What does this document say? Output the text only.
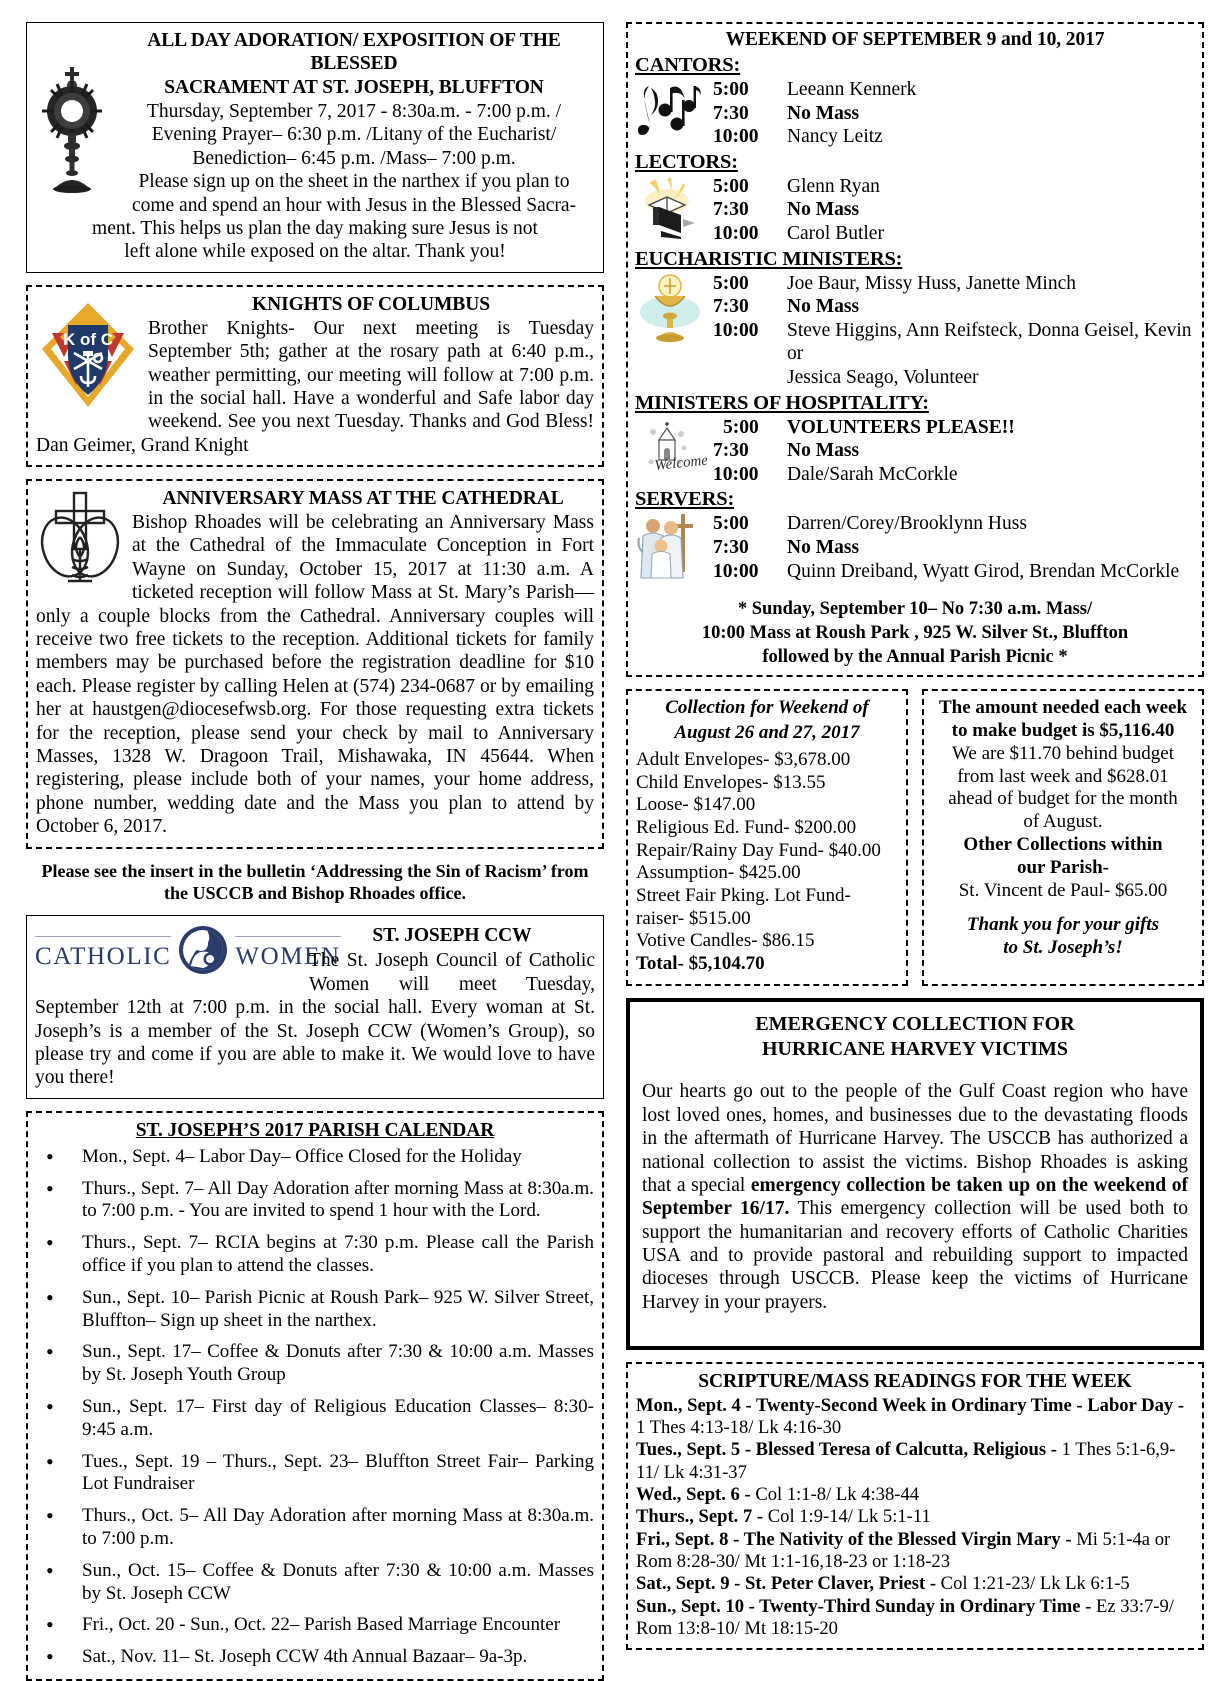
ALL DAY ADORATION/ EXPOSITION OF THE BLESSED
SACRAMENT AT ST. JOSEPH, BLUFFTON

Thursday, September 7, 2017 - 8:30a.m. - 7:00 p.m. /

Evening Prayer– 6:30 p.m. /Litany of the Eucharist/

Benediction– 6:45 p.m. /Mass– 7:00 p.m.

Please sign up on the sheet in the narthex if you plan to

come and spend an hour with Jesus in the Blessed Sacra-

ment. This helps us plan the day making sure Jesus is not

left alone while exposed on the altar. Thank you!

K of C
KNIGHTS OF COLUMBUS

Brother Knights- Our next meeting is Tuesday September 5th; gather at the rosary path at 6:40 p.m., weather permitting, our meeting will follow at 7:00 p.m. in the social hall. Have a wonderful and Safe labor day weekend. See you next Tuesday. Thanks and God Bless! Dan Geimer, Grand Knight

ANNIVERSARY MASS AT THE CATHEDRAL

Bishop Rhoades will be celebrating an Anniversary Mass at the Cathedral of the Immaculate Conception in Fort Wayne on Sunday, October 15, 2017 at 11:30 a.m. A ticketed reception will follow Mass at St. Mary’s Parish— only a couple blocks from the Cathedral. Anniversary couples will receive two free tickets to the reception. Additional tickets for family members may be purchased before the registration deadline for $10 each. Please register by calling Helen at (574) 234-0687 or by emailing her at haustgen@diocesefwsb.org. For those requesting extra tickets for the reception, please send your check by mail to Anniversary Masses, 1328 W. Dragoon Trail, Mishawaka, IN 45644. When registering, please include both of your names, your home address, phone number, wedding date and the Mass you plan to attend by October 6, 2017.

Please see the insert in the bulletin ‘Addressing the Sin of Racism’ from
the USCCB and Bishop Rhoades office.
CATHOLIC	WOMEN
ST. JOSEPH CCW

The St. Joseph Council of Catholic Women will meet Tuesday, September 12th at 7:00 p.m. in the social hall. Every woman at St. Joseph’s is a member of the St. Joseph CCW (Women’s Group), so please try and come if you are able to make it. We would love to have you there!

ST. JOSEPH’S 2017 PARISH CALENDAR
• Mon., Sept. 4– Labor Day– Office Closed for the Holiday
• Thurs., Sept. 7– All Day Adoration after morning Mass at 8:30a.m. to 7:00 p.m. - You are invited to spend 1 hour with the Lord.
• Thurs., Sept. 7– RCIA begins at 7:30 p.m. Please call the Parish office if you plan to attend the classes.
• Sun., Sept. 10– Parish Picnic at Roush Park– 925 W. Silver Street, Bluffton– Sign up sheet in the narthex.
• Sun., Sept. 17– Coffee & Donuts after 7:30 & 10:00 a.m. Masses by St. Joseph Youth Group
• Sun., Sept. 17– First day of Religious Education Classes– 8:30-9:45 a.m.
• Tues., Sept. 19 – Thurs., Sept. 23– Bluffton Street Fair– Parking Lot Fundraiser
• Thurs., Oct. 5– All Day Adoration after morning Mass at 8:30a.m. to 7:00 p.m.
• Sun., Oct. 15– Coffee & Donuts after 7:30 & 10:00 a.m. Masses by St. Joseph CCW
• Fri., Oct. 20 - Sun., Oct. 22– Parish Based Marriage Encounter
• Sat., Nov. 11– St. Joseph CCW 4th Annual Bazaar– 9a-3p.
WEEKEND OF SEPTEMBER 9 and 10, 2017
CANTORS:
5:00	Leeann Kennerk
7:30	No Mass
10:00	Nancy Leitz
LECTORS:
5:00	Glenn Ryan
7:30	No Mass
10:00	Carol Butler
EUCHARISTIC MINISTERS:
5:00	Joe Baur, Missy Huss, Janette Minch
7:30	No Mass
10:00	Steve Higgins, Ann Reifsteck, Donna Geisel, Kevin or
Jessica Seago, Volunteer
MINISTERS OF HOSPITALITY:
Welcome
5:00	VOLUNTEERS PLEASE!!
7:30	No Mass
10:00	Dale/Sarah McCorkle
SERVERS:
5:00	Darren/Corey/Brooklynn Huss
7:30	No Mass
10:00	Quinn Dreiband, Wyatt Girod, Brendan McCorkle
* Sunday, September 10– No 7:30 a.m. Mass/
10:00 Mass at Roush Park , 925 W. Silver St., Bluffton
followed by the Annual Parish Picnic *
Collection for Weekend of
August 26 and 27, 2017
Adult Envelopes- $3,678.00
Child Envelopes- $13.55
Loose- $147.00
Religious Ed. Fund- $200.00
Repair/Rainy Day Fund- $40.00
Assumption- $425.00
Street Fair Pking. Lot Fund-
raiser- $515.00
Votive Candles- $86.15
Total- $5,104.70
The amount needed each week
to make budget is $5,116.40
We are $11.70 behind budget
from last week and $628.01
ahead of budget for the month
of August.
Other Collections within
our Parish-
St. Vincent de Paul- $65.00
Thank you for your gifts
to St. Joseph’s!
EMERGENCY COLLECTION FOR
HURRICANE HARVEY VICTIMS

Our hearts go out to the people of the Gulf Coast region who have lost loved ones, homes, and businesses due to the devastating floods in the aftermath of Hurricane Harvey. The USCCB has authorized a national collection to assist the victims. Bishop Rhoades is asking that a special emergency collection be taken up on the weekend of September 16/17. This emergency collection will be used both to support the humanitarian and recovery efforts of Catholic Charities USA and to provide pastoral and rebuilding support to impacted dioceses through USCCB. Please keep the victims of Hurricane Harvey in your prayers.

SCRIPTURE/MASS READINGS FOR THE WEEK
Mon., Sept. 4 - Twenty-Second Week in Ordinary Time - Labor Day - 1 Thes 4:13-18/ Lk 4:16-30
Tues., Sept. 5 - Blessed Teresa of Calcutta, Religious - 1 Thes 5:1-6,9-11/ Lk 4:31-37
Wed., Sept. 6 - Col 1:1-8/ Lk 4:38-44
Thurs., Sept. 7 - Col 1:9-14/ Lk 5:1-11
Fri., Sept. 8 - The Nativity of the Blessed Virgin Mary - Mi 5:1-4a or Rom 8:28-30/ Mt 1:1-16,18-23 or 1:18-23
Sat., Sept. 9 - St. Peter Claver, Priest - Col 1:21-23/ Lk Lk 6:1-5
Sun., Sept. 10 - Twenty-Third Sunday in Ordinary Time - Ez 33:7-9/ Rom 13:8-10/ Mt 18:15-20
